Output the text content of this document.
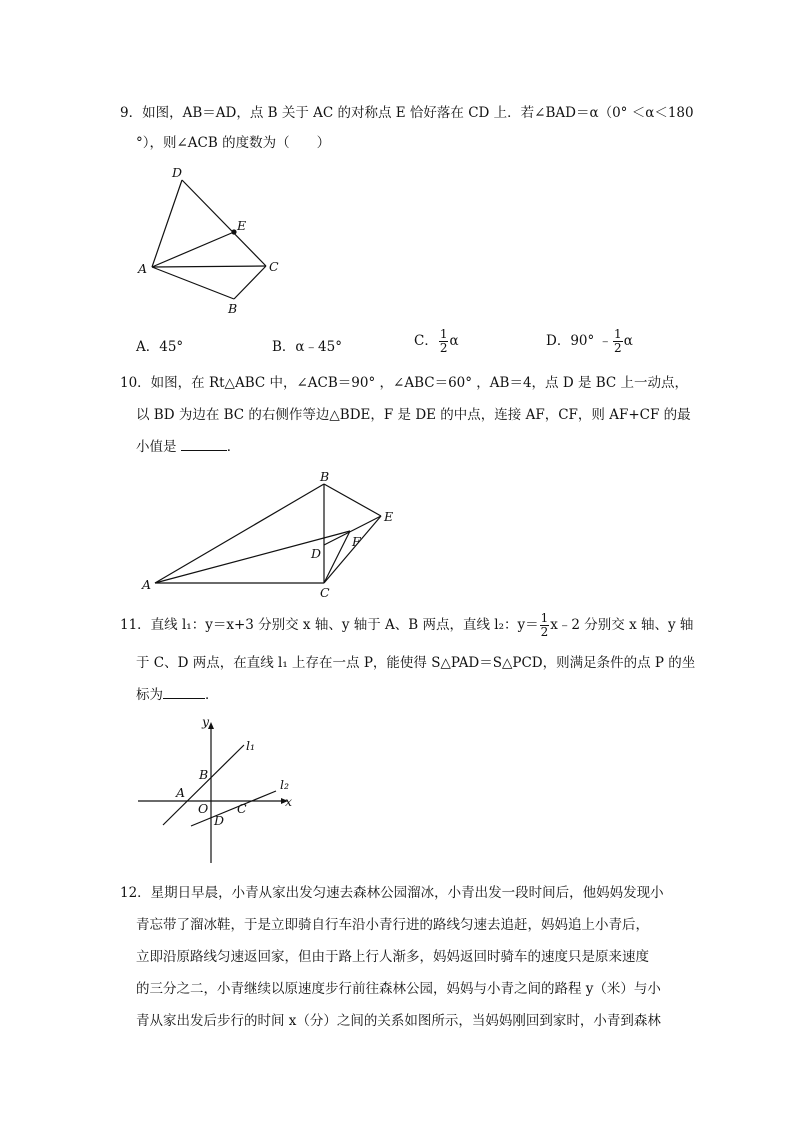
9．如图，AB＝AD，点 B 关于 AC 的对称点 E 恰好落在 CD 上．若∠BAD＝α（0° ＜α＜180
°），则∠ACB 的度数为（　　）
D
E
A	C
B
A．45°	B．α﹣45°	C． $\frac{1}{2}$ α	D．90° ﹣ $\frac{1}{2}$ α
10．如图，在 Rt△ABC 中，∠ACB＝90° ，∠ABC＝60° ，AB＝4，点 D 是 BC 上一动点，
以 BD 为边在 BC 的右侧作等边△BDE，F 是 DE 的中点，连接 AF，CF，则 AF+CF 的最
小值是	．
B
E
F
D
A
C
11．直线 l₁：y＝x+3 分别交 x 轴、y 轴于 A、B 两点，直线 l₂：$y= \frac{1}{2}$ x﹣2 分别交 x 轴、y 轴
于 C、D 两点，在直线 l₁ 上存在一点 P，能使得 S△PAD＝S△PCD，则满足条件的点 P 的坐
标为	．
y
x
l₁
l₂
B
A
O C
D
12．星期日早晨，小青从家出发匀速去森林公园溜冰，小青出发一段时间后，他妈妈发现小
青忘带了溜冰鞋，于是立即骑自行车沿小青行进的路线匀速去追赶，妈妈追上小青后，
立即沿原路线匀速返回家，但由于路上行人渐多，妈妈返回时骑车的速度只是原来速度
的三分之二，小青继续以原速度步行前往森林公园，妈妈与小青之间的路程 y（米）与小
青从家出发后步行的时间 x（分）之间的关系如图所示，当妈妈刚回到家时，小青到森林
